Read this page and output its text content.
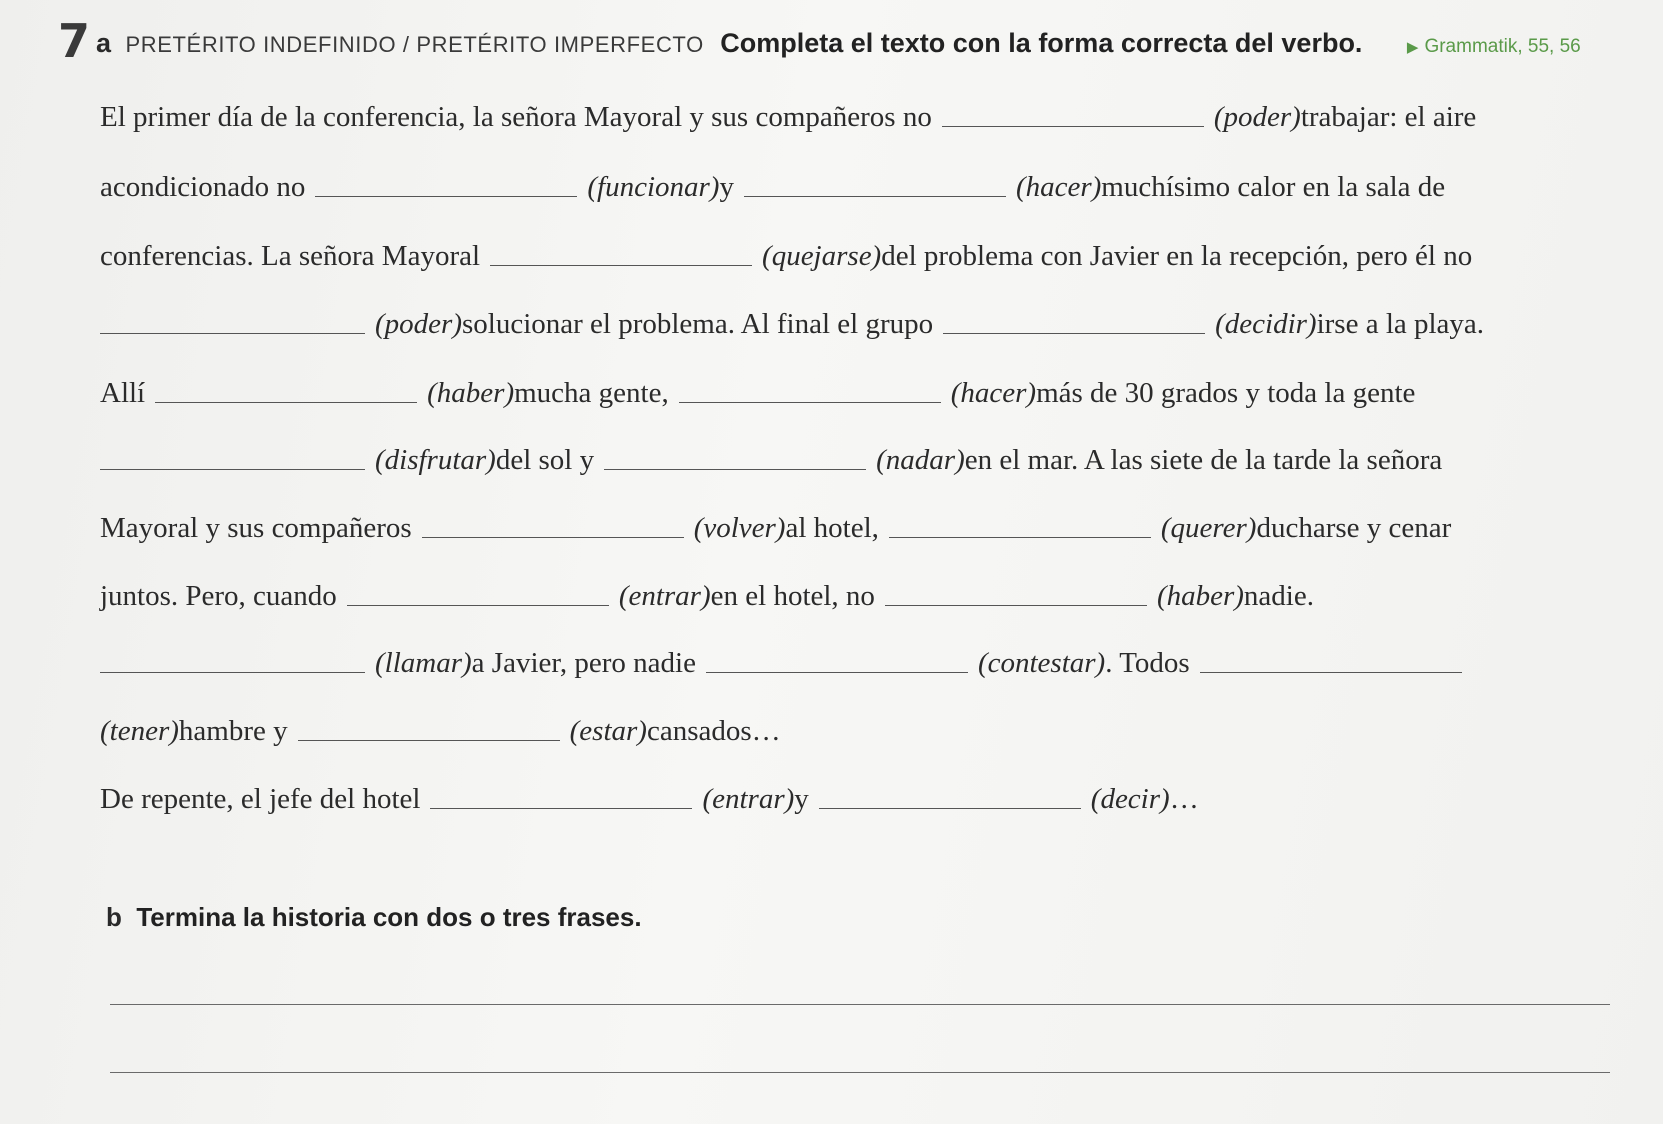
7 a PRETÉRITO INDEFINIDO / PRETÉRITO IMPERFECTO Completa el texto con la forma correcta del verbo.	▶ Grammatik, 55, 56
El primer día de la conferencia, la señora Mayoral y sus compañeros no	(poder) trabajar: el aire
acondicionado no	(funcionar) y	(hacer) muchísimo calor en la sala de
conferencias. La señora Mayoral	(quejarse) del problema con Javier en la recepción, pero él no
(poder) solucionar el problema. Al final el grupo	(decidir) irse a la playa.
Allí	(haber) mucha gente,	(hacer) más de 30 grados y toda la gente
(disfrutar) del sol y	(nadar) en el mar. A las siete de la tarde la señora
Mayoral y sus compañeros	(volver) al hotel,	(querer) ducharse y cenar
juntos. Pero, cuando	(entrar) en el hotel, no	(haber) nadie.
(llamar) a Javier, pero nadie	(contestar) . Todos
(tener) hambre y	(estar) cansados…
De repente, el jefe del hotel	(entrar) y	(decir) …
b Termina la historia con dos o tres frases.
